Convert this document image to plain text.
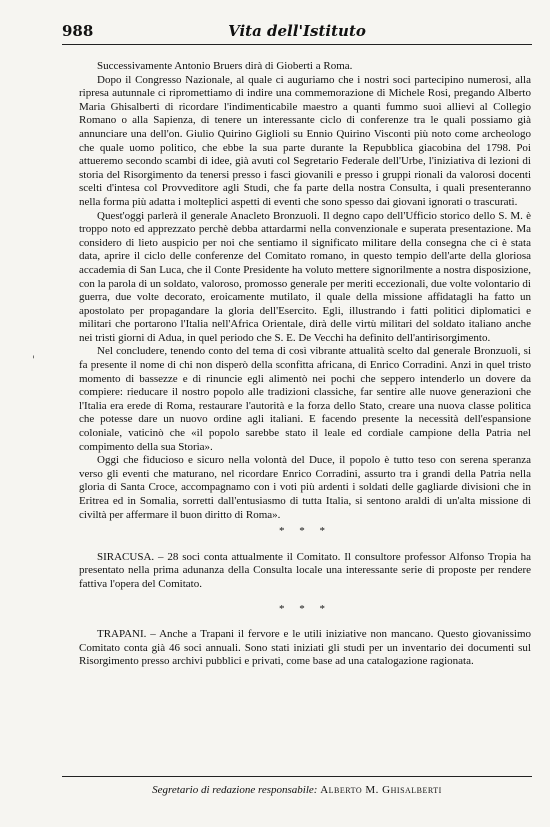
988	Vita dell'Istituto
'

Successivamente Antonio Bruers dirà di Gioberti a Roma.

Dopo il Congresso Nazionale, al quale ci auguriamo che i nostri soci partecipino numerosi, alla ripresa autunnale ci ripromettiamo di indire una commemorazione di Michele Rosi, pregando Alberto Maria Ghisalberti di ricordare l'indimenticabile maestro a quanti fummo suoi allievi al Collegio Romano o alla Sapienza, di tenere un interessante ciclo di conferenze tra le quali possiamo già annunciare una dell'on. Giulio Quirino Giglioli su Ennio Quirino Visconti più noto come archeologo che quale uomo politico, che ebbe la sua parte durante la Repubblica giacobina del 1798. Poi attueremo secondo scambi di idee, già avuti col Segretario Federale dell'Urbe, l'iniziativa di lezioni di storia del Risorgimento da tenersi presso i fasci giovanili e presso i gruppi rionali da valorosi docenti scelti d'intesa col Provveditore agli Studi, che fa parte della nostra Consulta, i quali presenteranno nella forma più adatta i molteplici aspetti di eventi che sono spesso dai giovani ignorati o trascurati.

Quest'oggi parlerà il generale Anacleto Bronzuoli. Il degno capo dell'Ufficio storico dello S. M. è troppo noto ed apprezzato perchè debba attardarmi nella convenzionale e superata presentazione. Ma considero di lieto auspicio per noi che sentiamo il significato militare della consegna che ci è stata data, aprire il ciclo delle conferenze del Comitato romano, in questo tempio dell'arte della gloriosa accademia di San Luca, che il Conte Presidente ha voluto mettere signorilmente a nostra disposizione, con la parola di un soldato, valoroso, promosso generale per meriti eccezionali, due volte volontario di guerra, due volte decorato, eroicamente mutilato, il quale della missione affidatagli ha fatto un apostolato per propagandare la gloria dell'Esercito. Egli, illustrando i fatti politici diplomatici e militari che portarono l'Italia nell'Africa Orientale, dirà delle virtù militari del soldato italiano anche nei tristi giorni di Adua, in quel periodo che S. E. De Vecchi ha definito dell'antirisorgimento.

Nel concludere, tenendo conto del tema di così vibrante attualità scelto dal generale Bronzuoli, si fa presente il nome di chi non disperò della sconfitta africana, di Enrico Corradini. Anzi in quel tristo momento di bassezze e di rinuncie egli alimentò nei pochi che seppero intenderlo un dovere da compiere: rieducare il nostro popolo alle tradizioni classiche, far sentire alle nuove generazioni che l'Italia era erede di Roma, restaurare l'autorità e la forza dello Stato, creare una nuova classe politica che potesse dare un nuovo ordine agli italiani. E facendo presente la necessità dell'espansione coloniale, vaticinò che «il popolo sarebbe stato il leale ed cordiale campione della Patria nel compimento della sua Storia».

Oggi che fiducioso e sicuro nella volontà del Duce, il popolo è tutto teso con serena speranza verso gli eventi che maturano, nel ricordare Enrico Corradini, assurto tra i grandi della Patria nella gloria di Santa Croce, accompagnamo con i voti più ardenti i soldati delle gagliarde divisioni che in Eritrea ed in Somalia, sorretti dall'entusiasmo di tutta Italia, si sentono araldi di un'alta missione di civiltà per affermare il buon diritto di Roma».

* * *

SIRACUSA. – 28 soci conta attualmente il Comitato. Il consultore professor Alfonso Tropia ha presentato nella prima adunanza della Consulta locale una interessante serie di proposte per rendere fattiva l'opera del Comitato.

* * *

TRAPANI. – Anche a Trapani il fervore e le utili iniziative non mancano. Questo giovanissimo Comitato conta già 46 soci annuali. Sono stati iniziati gli studi per un inventario dei documenti sul Risorgimento presso archivi pubblici e privati, come base ad una catalogazione ragionata.

Segretario di redazione responsabile: Alberto M. Ghisalberti
